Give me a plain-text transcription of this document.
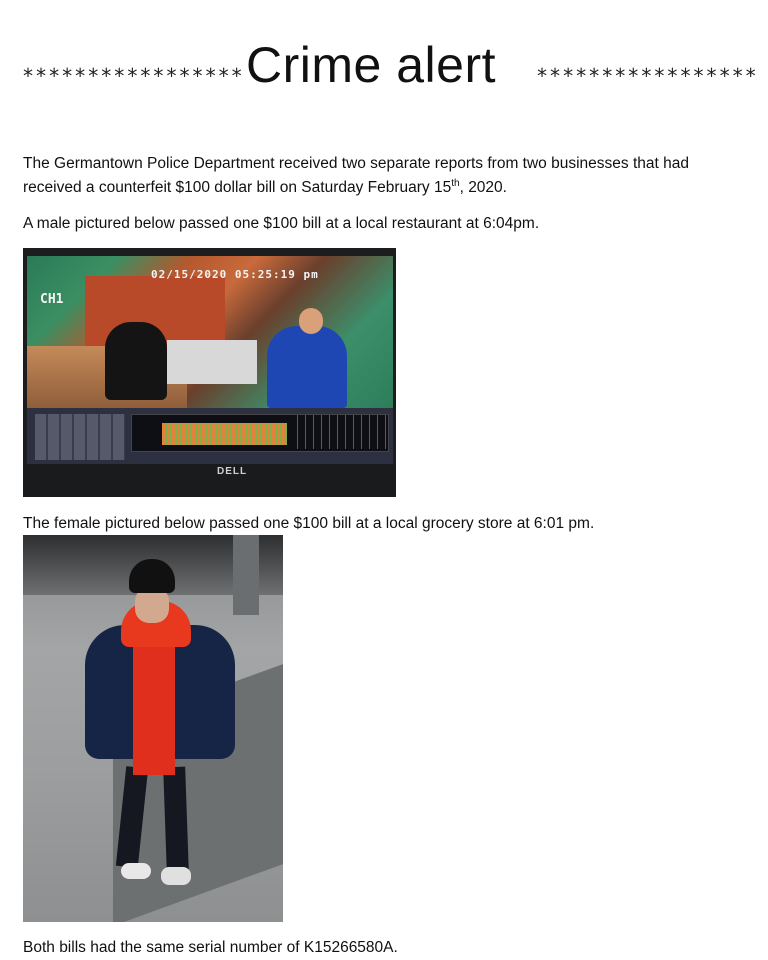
***************** Crime alert *****************
The Germantown Police Department received two separate reports from two businesses that had received a counterfeit $100 dollar bill on Saturday February 15th, 2020.
A male pictured below passed one $100 bill at a local restaurant at 6:04pm.
02/15/2020 05:25:19 pm
CH1
DELL
The female pictured below passed one $100 bill at a local grocery store at 6:01 pm.
Both bills had the same serial number of K15266580A.
